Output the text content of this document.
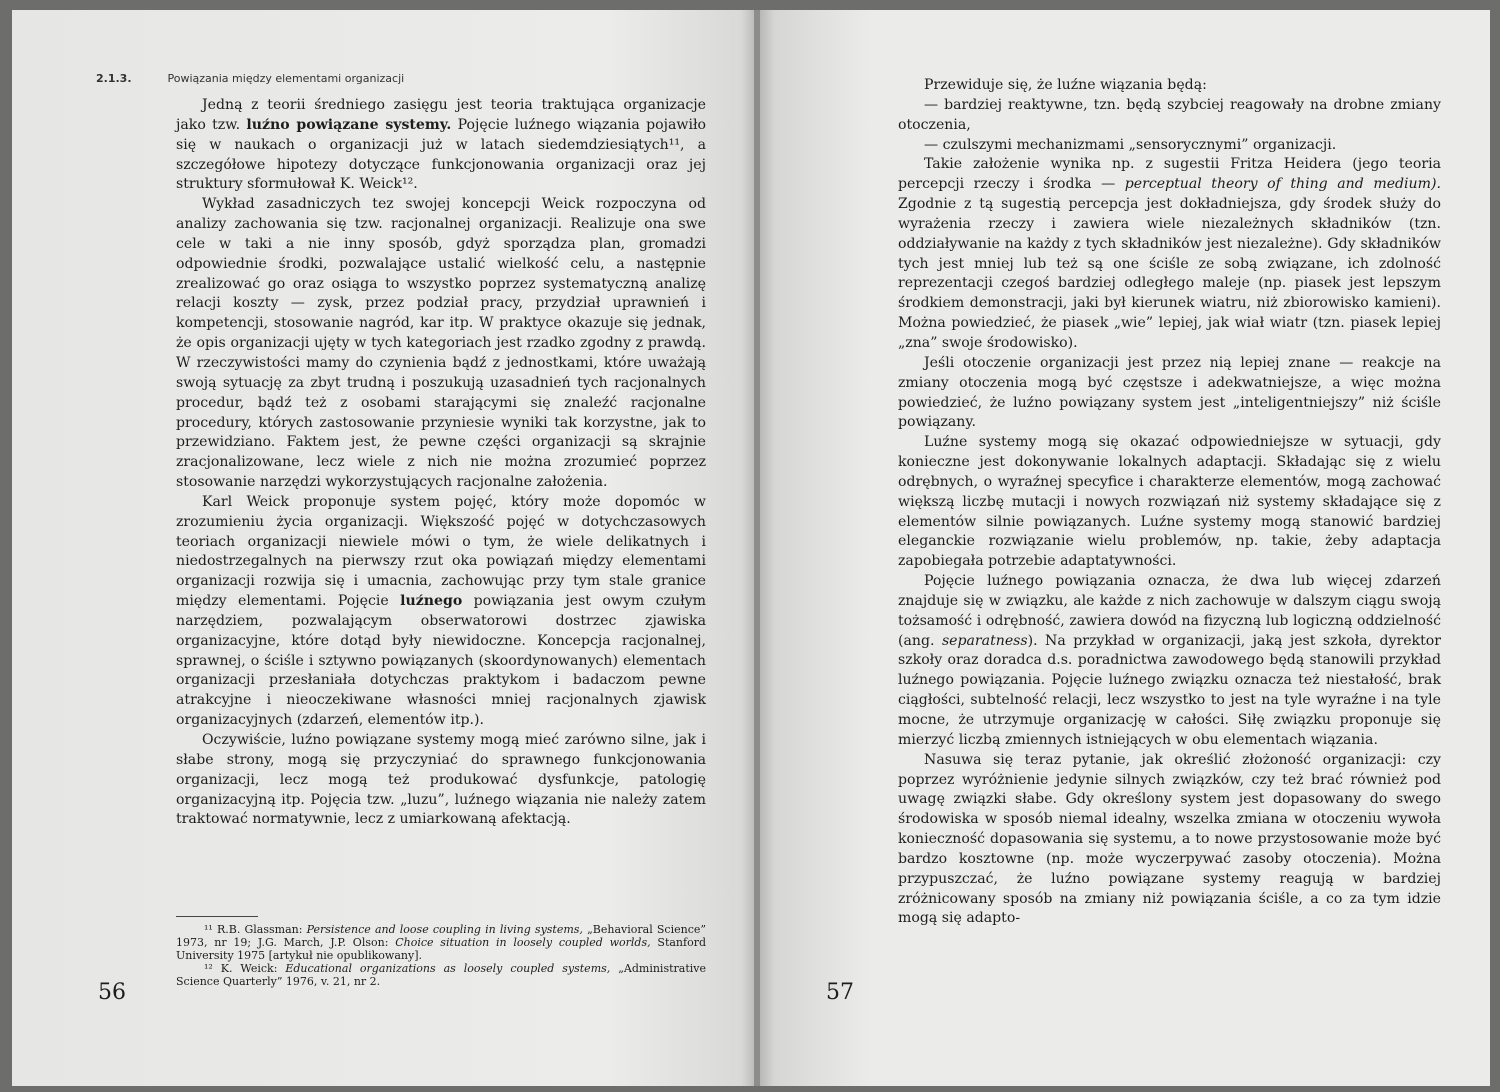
2.1.3.	Powiązania między elementami organizacji

Jedną z teorii średniego zasięgu jest teoria traktująca organizacje jako tzw. luźno powiązane systemy. Pojęcie luźnego wiązania pojawiło się w naukach o organizacji już w latach siedemdziesiątych¹¹, a szczegółowe hipotezy dotyczące funkcjonowania organizacji oraz jej struktury sformułował K. Weick¹².

Wykład zasadniczych tez swojej koncepcji Weick rozpoczyna od analizy zachowania się tzw. racjonalnej organizacji. Realizuje ona swe cele w taki a nie inny sposób, gdyż sporządza plan, gromadzi odpowiednie środki, pozwalające ustalić wielkość celu, a następnie zrealizować go oraz osiąga to wszystko poprzez systematyczną analizę relacji koszty — zysk, przez podział pracy, przydział uprawnień i kompetencji, stosowanie nagród, kar itp. W praktyce okazuje się jednak, że opis organizacji ujęty w tych kategoriach jest rzadko zgodny z prawdą. W rzeczywistości mamy do czynienia bądź z jednostkami, które uważają swoją sytuację za zbyt trudną i poszukują uzasadnień tych racjonalnych procedur, bądź też z osobami starającymi się znaleźć racjonalne procedury, których zastosowanie przyniesie wyniki tak korzystne, jak to przewidziano. Faktem jest, że pewne części organizacji są skrajnie zracjonalizowane, lecz wiele z nich nie można zrozumieć poprzez stosowanie narzędzi wykorzystujących racjonalne założenia.

Karl Weick proponuje system pojęć, który może dopomóc w zrozumieniu życia organizacji. Większość pojęć w dotychczasowych teoriach organizacji niewiele mówi o tym, że wiele delikatnych i niedostrzegalnych na pierwszy rzut oka powiązań między elementami organizacji rozwija się i umacnia, zachowując przy tym stale granice między elementami. Pojęcie luźnego powiązania jest owym czułym narzędziem, pozwalającym obserwatorowi dostrzec zjawiska organizacyjne, które dotąd były niewidoczne. Koncepcja racjonalnej, sprawnej, o ściśle i sztywno powiązanych (skoordynowanych) elementach organizacji przesłaniała dotychczas praktykom i badaczom pewne atrakcyjne i nieoczekiwane własności mniej racjonalnych zjawisk organizacyjnych (zdarzeń, elementów itp.).

Oczywiście, luźno powiązane systemy mogą mieć zarówno silne, jak i słabe strony, mogą się przyczyniać do sprawnego funkcjonowania organizacji, lecz mogą też produkować dysfunkcje, patologię organizacyjną itp. Pojęcia tzw. „luzu”, luźnego wiązania nie należy zatem traktować normatywnie, lecz z umiarkowaną afektacją.

¹¹ R.B. Glassman: Persistence and loose coupling in living systems, „Behavioral Science” 1973, nr 19; J.G. March, J.P. Olson: Choice situation in loosely coupled worlds, Stanford University 1975 [artykuł nie opublikowany].

¹² K. Weick: Educational organizations as loosely coupled systems, „Administrative Science Quarterly” 1976, v. 21, nr 2.

56

Przewiduje się, że luźne wiązania będą:

— bardziej reaktywne, tzn. będą szybciej reagowały na drobne zmiany otoczenia,

— czulszymi mechanizmami „sensorycznymi” organizacji.

Takie założenie wynika np. z sugestii Fritza Heidera (jego teoria percepcji rzeczy i środka — perceptual theory of thing and medium). Zgodnie z tą sugestią percepcja jest dokładniejsza, gdy środek służy do wyrażenia rzeczy i zawiera wiele niezależnych składników (tzn. oddziaływanie na każdy z tych składników jest niezależne). Gdy składników tych jest mniej lub też są one ściśle ze sobą związane, ich zdolność reprezentacji czegoś bardziej odległego maleje (np. piasek jest lepszym środkiem demonstracji, jaki był kierunek wiatru, niż zbiorowisko kamieni). Można powiedzieć, że piasek „wie” lepiej, jak wiał wiatr (tzn. piasek lepiej „zna” swoje środowisko).

Jeśli otoczenie organizacji jest przez nią lepiej znane — reakcje na zmiany otoczenia mogą być częstsze i adekwatniejsze, a więc można powiedzieć, że luźno powiązany system jest „inteligentniejszy” niż ściśle powiązany.

Luźne systemy mogą się okazać odpowiedniejsze w sytuacji, gdy konieczne jest dokonywanie lokalnych adaptacji. Składając się z wielu odrębnych, o wyraźnej specyfice i charakterze elementów, mogą zachować większą liczbę mutacji i nowych rozwiązań niż systemy składające się z elementów silnie powiązanych. Luźne systemy mogą stanowić bardziej eleganckie rozwiązanie wielu problemów, np. takie, żeby adaptacja zapobiegała potrzebie adaptatywności.

Pojęcie luźnego powiązania oznacza, że dwa lub więcej zdarzeń znajduje się w związku, ale każde z nich zachowuje w dalszym ciągu swoją tożsamość i odrębność, zawiera dowód na fizyczną lub logiczną oddzielność (ang. separatness). Na przykład w organizacji, jaką jest szkoła, dyrektor szkoły oraz doradca d.s. poradnictwa zawodowego będą stanowili przykład luźnego powiązania. Pojęcie luźnego związku oznacza też niestałość, brak ciągłości, subtelność relacji, lecz wszystko to jest na tyle wyraźne i na tyle mocne, że utrzymuje organizację w całości. Siłę związku proponuje się mierzyć liczbą zmiennych istniejących w obu elementach wiązania.

Nasuwa się teraz pytanie, jak określić złożoność organizacji: czy poprzez wyróżnienie jedynie silnych związków, czy też brać również pod uwagę związki słabe. Gdy określony system jest dopasowany do swego środowiska w sposób niemal idealny, wszelka zmiana w otoczeniu wywoła konieczność dopasowania się systemu, a to nowe przystosowanie może być bardzo kosztowne (np. może wyczerpywać zasoby otoczenia). Można przypuszczać, że luźno powiązane systemy reagują w bardziej zróżnicowany sposób na zmiany niż powiązania ściśle, a co za tym idzie mogą się adapto-

57
